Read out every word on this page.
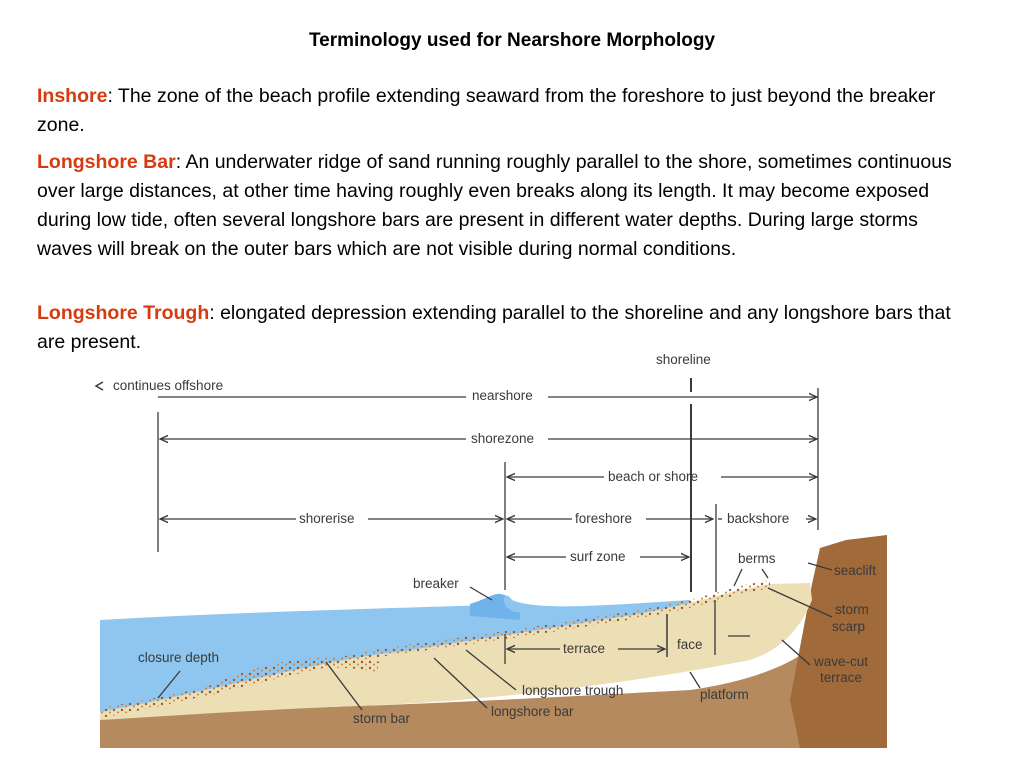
Terminology used for Nearshore Morphology
Inshore: The zone of the beach profile extending seaward from the foreshore to just beyond the breaker zone.
Longshore Bar: An underwater ridge of sand running roughly parallel to the shore, sometimes continuous over large distances, at other time having roughly even breaks along its length. It may become exposed during low tide, often several longshore bars are present in different water depths. During large storms waves will break on the outer bars which are not visible during normal conditions.
Longshore Trough: elongated depression extending parallel to the shoreline and any longshore bars that are present.
shoreline
continues offshore
nearshore
shorezone
beach or shore
shorerise	foreshore	backshore
surf zone	berms
seaclift
breaker
storm
scarp
face
terrace
closure depth	wave-cut
terrace
longshore trough	platform
storm bar	longshore bar
